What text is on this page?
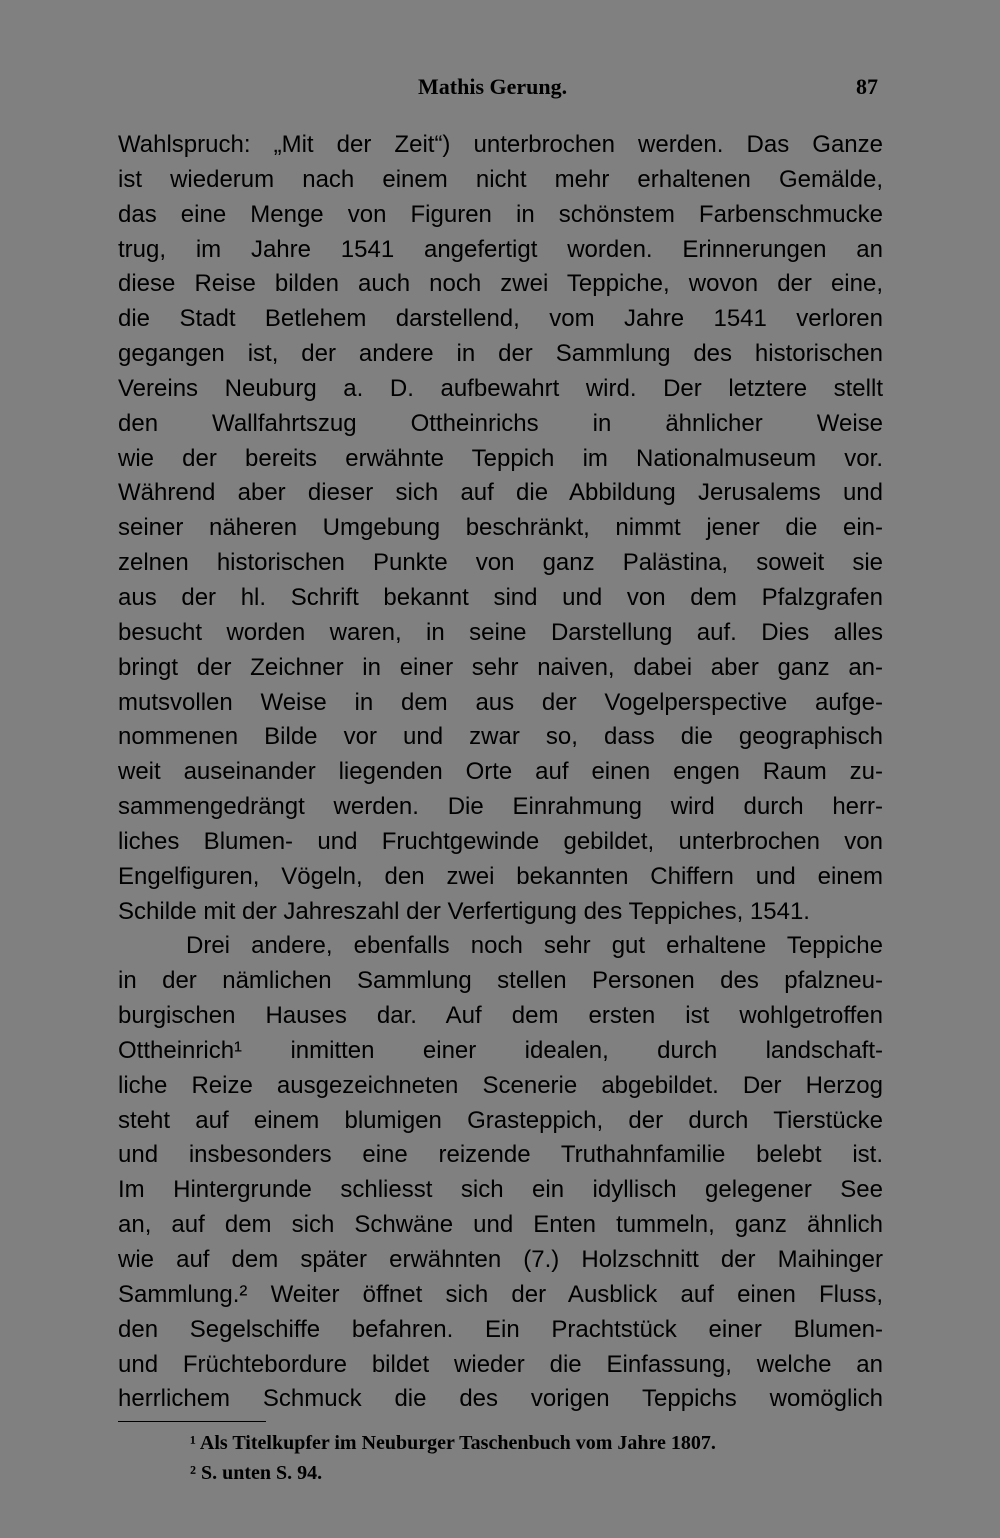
Mathis Gerung.	87
Wahlspruch: „Mit der Zeit“) unterbrochen werden. Das Ganze
ist wiederum nach einem nicht mehr erhaltenen Gemälde,
das eine Menge von Figuren in schönstem Farbenschmucke
trug, im Jahre 1541 angefertigt worden. Erinnerungen an
diese Reise bilden auch noch zwei Teppiche, wovon der eine,
die Stadt Betlehem darstellend, vom Jahre 1541 verloren
gegangen ist, der andere in der Sammlung des historischen
Vereins Neuburg a. D. aufbewahrt wird. Der letztere stellt
den Wallfahrtszug Ottheinrichs in ähnlicher Weise
wie der bereits erwähnte Teppich im Nationalmuseum vor.
Während aber dieser sich auf die Abbildung Jerusalems und
seiner näheren Umgebung beschränkt, nimmt jener die ein-
zelnen historischen Punkte von ganz Palästina, soweit sie
aus der hl. Schrift bekannt sind und von dem Pfalzgrafen
besucht worden waren, in seine Darstellung auf. Dies alles
bringt der Zeichner in einer sehr naiven, dabei aber ganz an-
mutsvollen Weise in dem aus der Vogelperspective aufge-
nommenen Bilde vor und zwar so, dass die geographisch
weit auseinander liegenden Orte auf einen engen Raum zu-
sammengedrängt werden. Die Einrahmung wird durch herr-
liches Blumen- und Fruchtgewinde gebildet, unterbrochen von
Engelfiguren, Vögeln, den zwei bekannten Chiffern und einem
Schilde mit der Jahreszahl der Verfertigung des Teppiches, 1541.
Drei andere, ebenfalls noch sehr gut erhaltene Teppiche
in der nämlichen Sammlung stellen Personen des pfalzneu-
burgischen Hauses dar. Auf dem ersten ist wohlgetroffen
Ottheinrich¹ inmitten einer idealen, durch landschaft-
liche Reize ausgezeichneten Scenerie abgebildet. Der Herzog
steht auf einem blumigen Grasteppich, der durch Tierstücke
und insbesonders eine reizende Truthahnfamilie belebt ist.
Im Hintergrunde schliesst sich ein idyllisch gelegener See
an, auf dem sich Schwäne und Enten tummeln, ganz ähnlich
wie auf dem später erwähnten (7.) Holzschnitt der Maihinger
Sammlung.² Weiter öffnet sich der Ausblick auf einen Fluss,
den Segelschiffe befahren. Ein Prachtstück einer Blumen-
und Früchtebordure bildet wieder die Einfassung, welche an
herrlichem Schmuck die des vorigen Teppichs womöglich
¹ Als Titelkupfer im Neuburger Taschenbuch vom Jahre 1807.
² S. unten S. 94.
